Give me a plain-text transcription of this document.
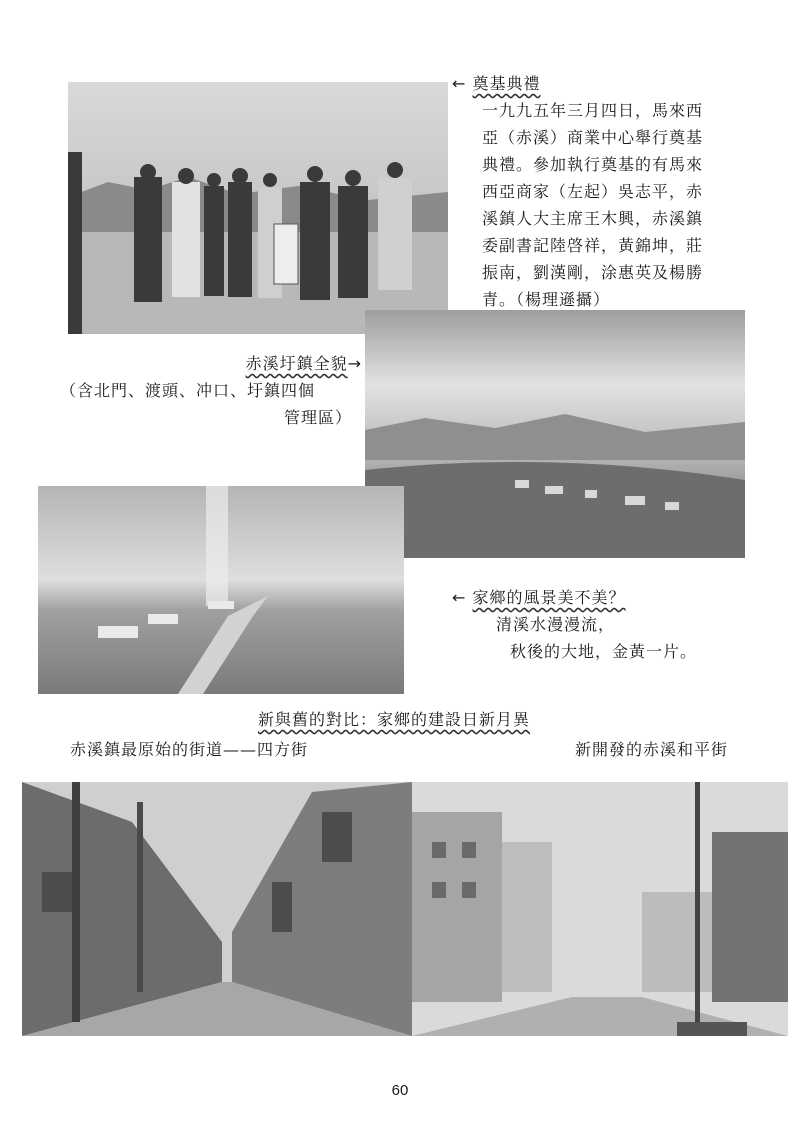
← 奠基典禮
一九九五年三月四日，馬來西
亞（赤溪）商業中心舉行奠基
典禮。參加執行奠基的有馬來
西亞商家（左起）吳志平，赤
溪鎮人大主席王木興，赤溪鎮
委副書記陸啓祥，黃錦坤，莊
振南，劉漢剛，涂惠英及楊勝
青。（楊理遜攝）
赤溪圩鎮全貌→
（含北門、渡頭、冲口、圩鎮四個
管理區）
← 家鄉的風景美不美？
清溪水漫漫流，
秋後的大地，金黃一片。
新與舊的對比：家鄉的建設日新月異
赤溪鎮最原始的街道——四方街	新開發的赤溪和平街
60
